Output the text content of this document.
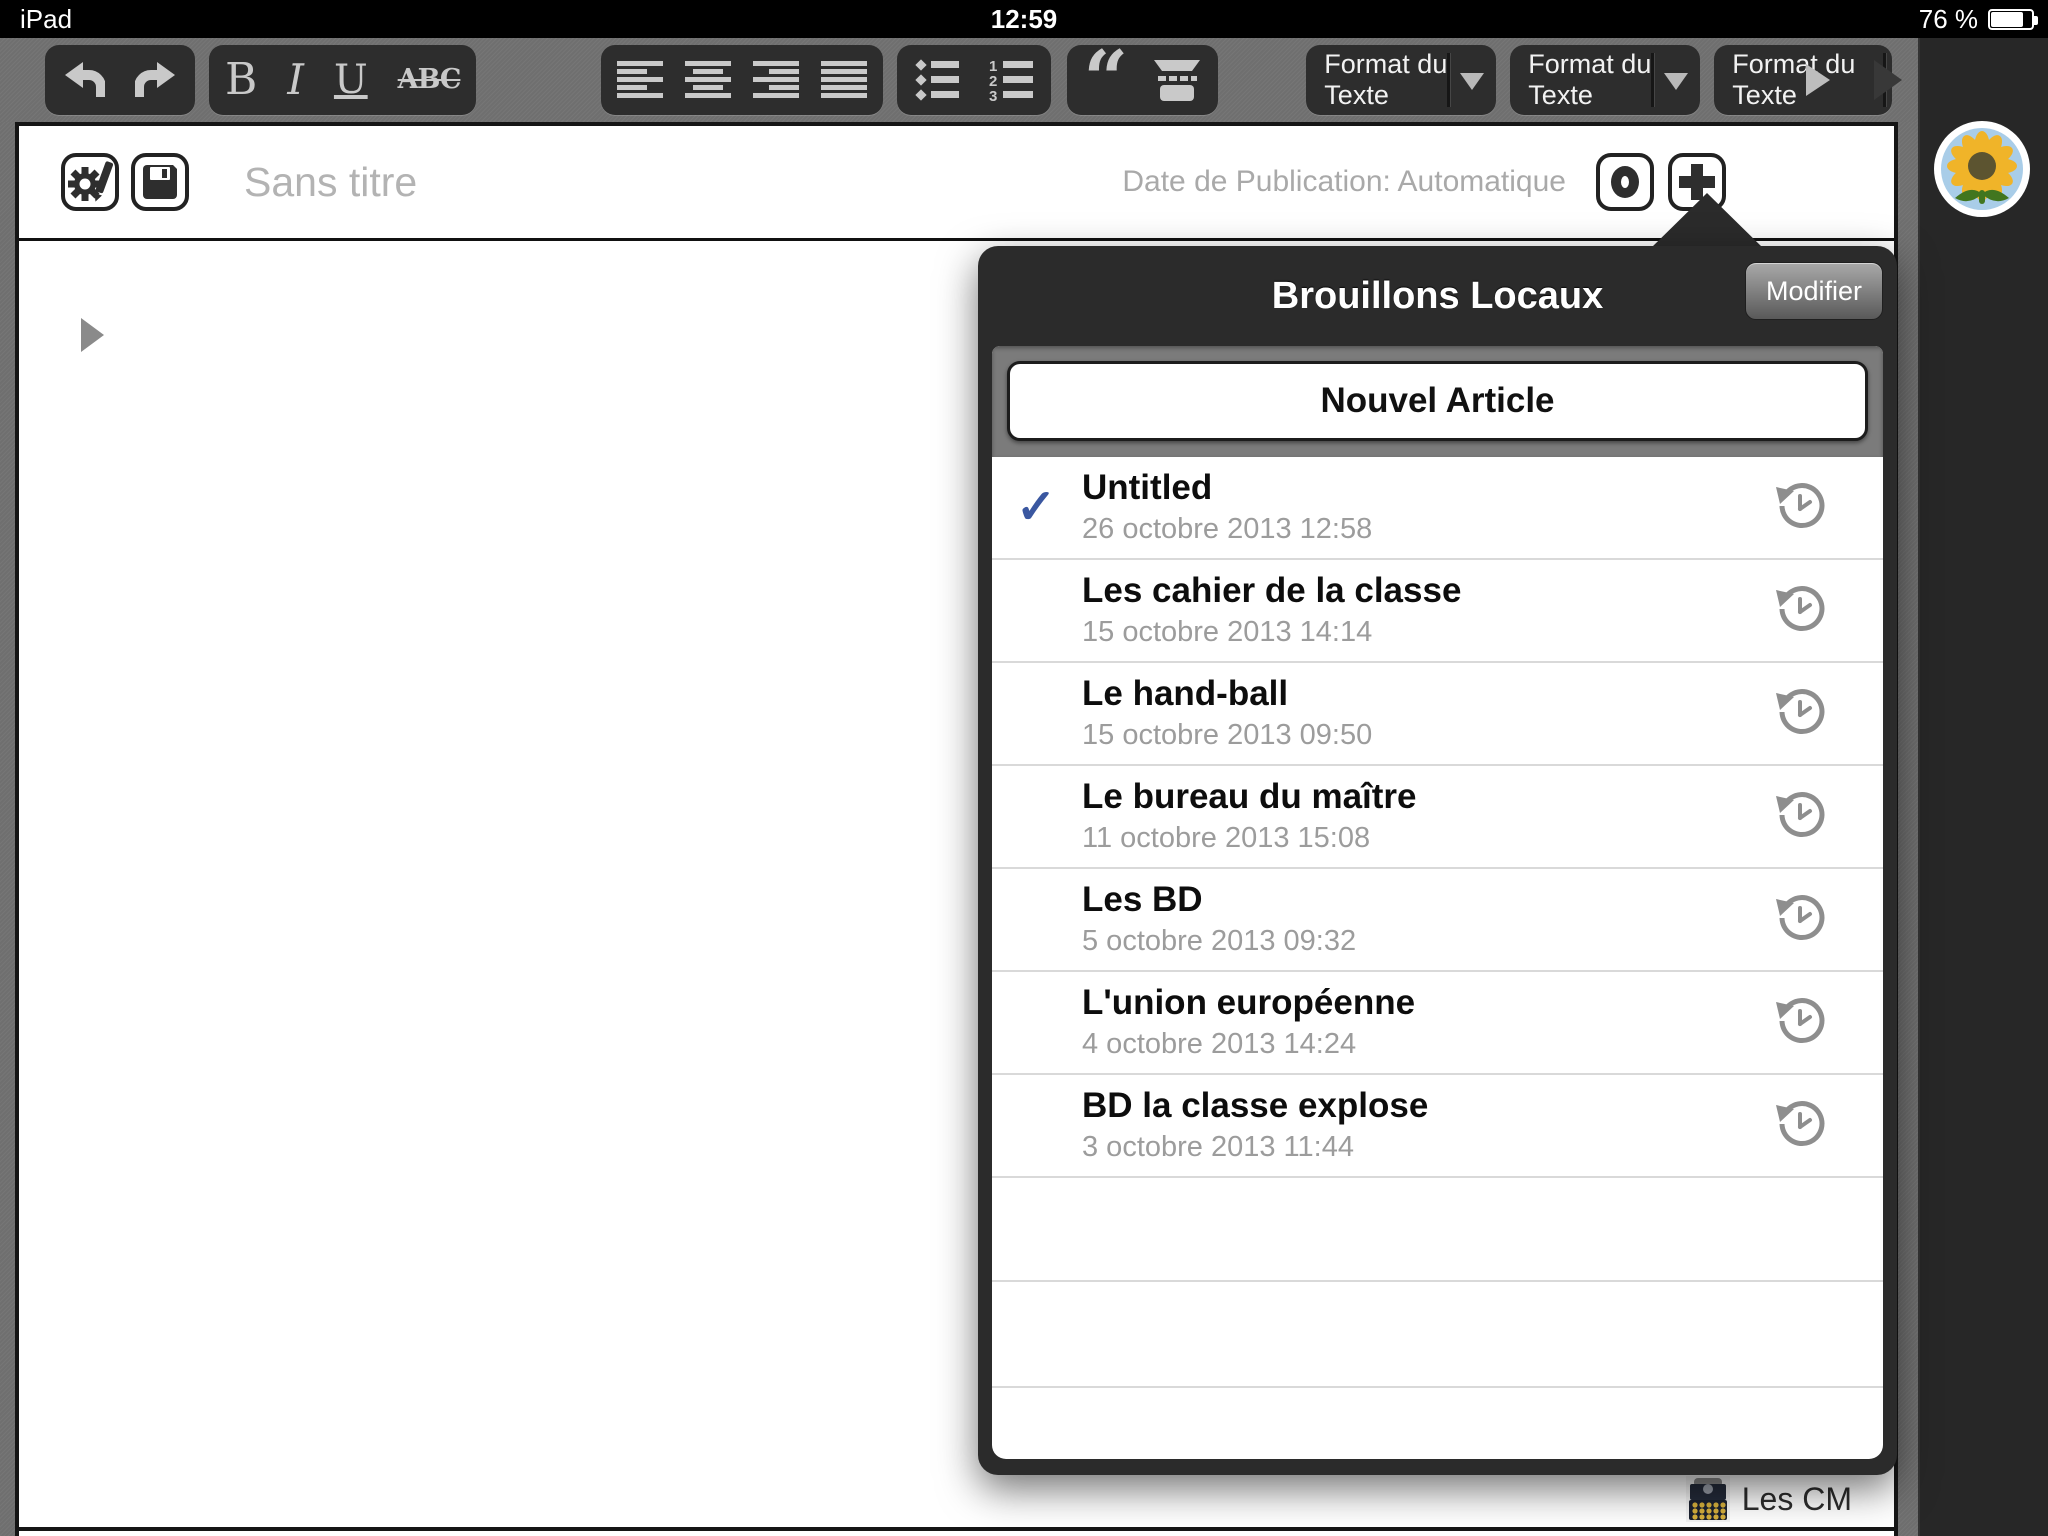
iPad	12:59	76 %
B I U ABC	1
2
3 “	Format du Texte
Format du Texte
Format du Texte
Sans titre	Date de Publication: Automatique
Les CM
Brouillons Locaux	Modifier
Nouvel Article
✓ Untitled
26 octobre 2013 12:58
Les cahier de la classe
15 octobre 2013 14:14
Le hand-ball
15 octobre 2013 09:50
Le bureau du maître
11 octobre 2013 15:08
Les BD
5 octobre 2013 09:32
L'union européenne
4 octobre 2013 14:24
BD la classe explose
3 octobre 2013 11:44
